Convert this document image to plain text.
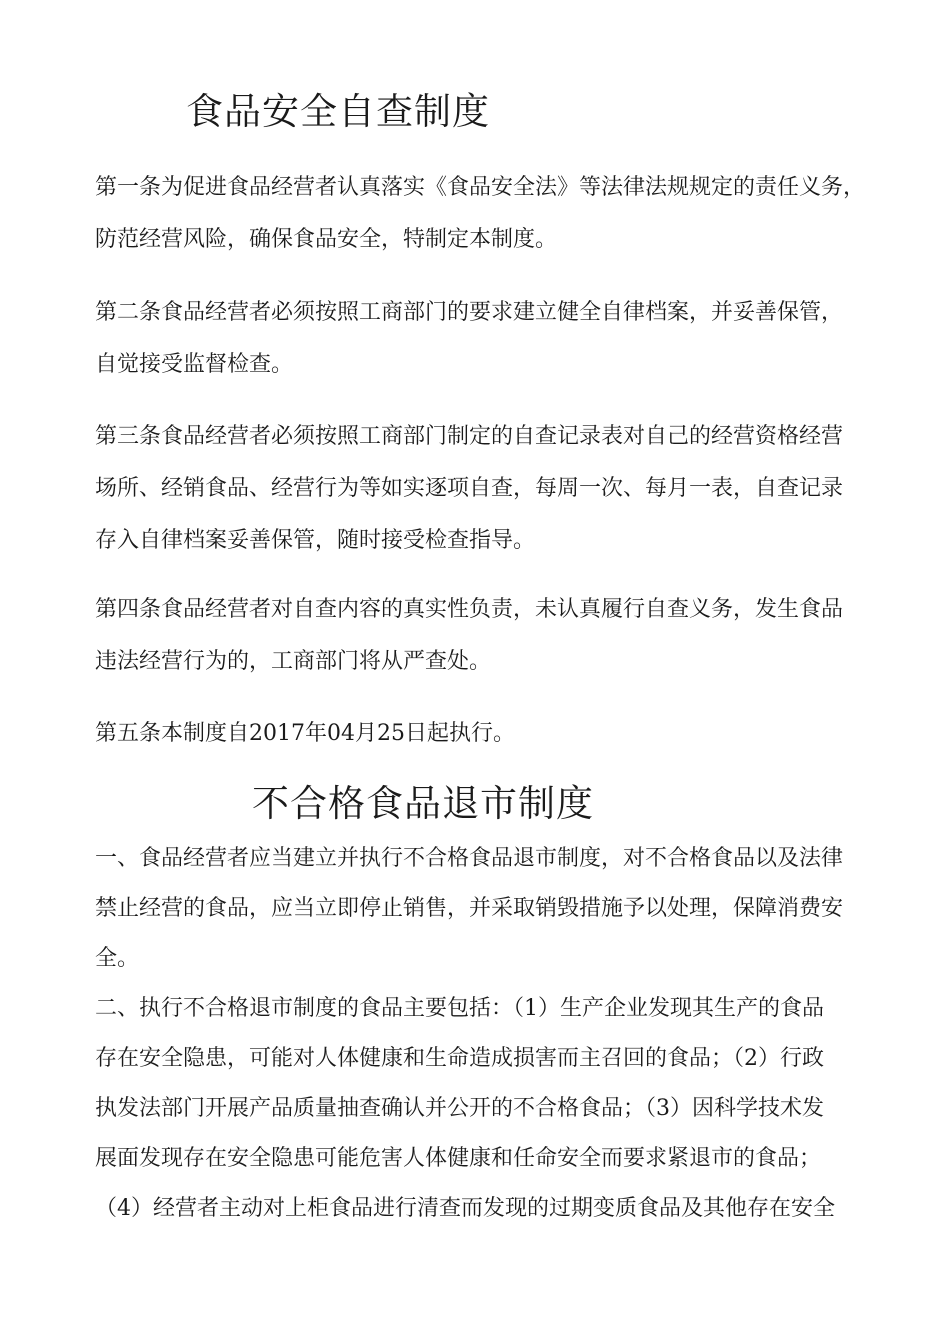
食品安全自查制度

第一条为促进食品经营者认真落实《食品安全法》等法律法规规定的责任义务，
防范经营风险，确保食品安全，特制定本制度。

第二条食品经营者必须按照工商部门的要求建立健全自律档案，并妥善保管，
自觉接受监督检查。

第三条食品经营者必须按照工商部门制定的自查记录表对自己的经营资格经营
场所、经销食品、经营行为等如实逐项自查，每周一次、每月一表，自查记录
存入自律档案妥善保管，随时接受检查指导。

第四条食品经营者对自查内容的真实性负责，未认真履行自查义务，发生食品
违法经营行为的，工商部门将从严查处。

第五条本制度自2017年04月25日起执行。

不合格食品退市制度

一、食品经营者应当建立并执行不合格食品退市制度，对不合格食品以及法律
禁止经营的食品，应当立即停止销售，并采取销毁措施予以处理，保障消费安
全。

二、执行不合格退市制度的食品主要包括：（1）生产企业发现其生产的食品
存在安全隐患，可能对人体健康和生命造成损害而主召回的食品；（2）行政
执发法部门开展产品质量抽查确认并公开的不合格食品；（3）因科学技术发
展面发现存在安全隐患可能危害人体健康和任命安全而要求紧退市的食品；
（4）经营者主动对上柜食品进行清查而发现的过期变质食品及其他存在安全
